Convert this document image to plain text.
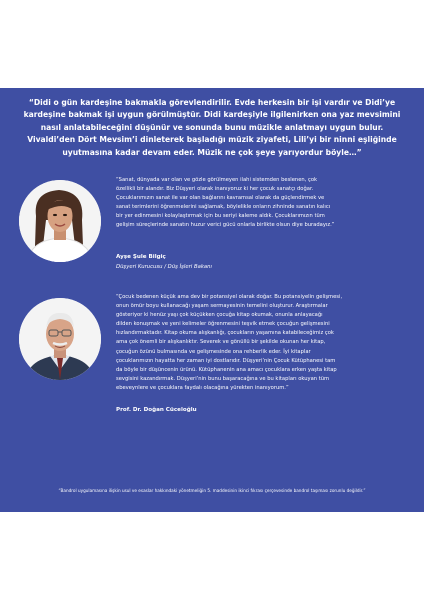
“Didi o gün kardeşine bakmakla görevlendirilir. Evde herkesin bir işi vardır ve Didi’ye
kardeşine bakmak işi uygun görülmüştür. Didi kardeşiyle ilgilenirken ona yaz mevsimini
nasıl anlatabileceğini düşünür ve sonunda bunu müzikle anlatmayı uygun bulur.
Vivaldi’den Dört Mevsim’i dinleterek başladığı müzik ziyafeti, Lili’yi bir ninni eşliğinde
uyutmasına kadar devam eder. Müzik ne çok şeye yarıyordur böyle…”

“Sanat, dünyada var olan ve gözle görülmeyen ilahi sistemden beslenen, çok
özellikli bir alandır. Biz Düşyeri olarak inanıyoruz ki her çocuk sanatçı doğar.
Çocuklarımızın sanat ile var olan bağlarını kavramsal olarak da güçlendirmek ve
sanat terimlerini öğrenmelerini sağlamak, böylelikle onların zihninde sanatın kalıcı
bir yer edinmesini kolaylaştırmak için bu seriyi kaleme aldık. Çocuklarımızın tüm
gelişim süreçlerinde sanatın huzur verici gücü onlarla birlikte olsun diye buradayız.”

Ayşe Şule Bilgiç

Düşyeri Kurucusu / Düş İşleri Bakanı

“Çocuk bedenen küçük ama dev bir potansiyel olarak doğar. Bu potansiyelin gelişmesi,
onun ömür boyu kullanacağı yaşam sermayesinin temelini oluşturur. Araştırmalar
gösteriyor ki henüz yaşı çok küçükken çocuğa kitap okumak, onunla anlayacağı
dilden konuşmak ve yeni kelimeler öğrenmesini teşvik etmek çocuğun gelişmesini
hızlandırmaktadır. Kitap okuma alışkanlığı, çocukların yaşamına katabileceğimiz çok
ama çok önemli bir alışkanlıktır. Severek ve gönüllü bir şekilde okunan her kitap,
çocuğun özünü bulmasında ve gelişmesinde ona rehberlik eder. İyi kitaplar
çocuklarımızın hayatta her zaman iyi dostlarıdır. Düşyeri’nin Çocuk Kütüphanesi tam
da böyle bir düşüncenin ürünü. Kütüphanenin ana amacı çocuklara erken yaşta kitap
sevgisini kazandırmak. Düşyeri’nin bunu başaracağına ve bu kitapları okuyan tüm
ebeveynlere ve çocuklara faydalı olacağına yürekten inanıyorum.”

Prof. Dr. Doğan Cüceloğlu

“Bandrol uygulamasına ilişkin usul ve esaslar hakkındaki yönetmeliğin 5. maddesinin ikinci fıkrası çerçevesinde bandrol taşıması zorunlu değildir.”
